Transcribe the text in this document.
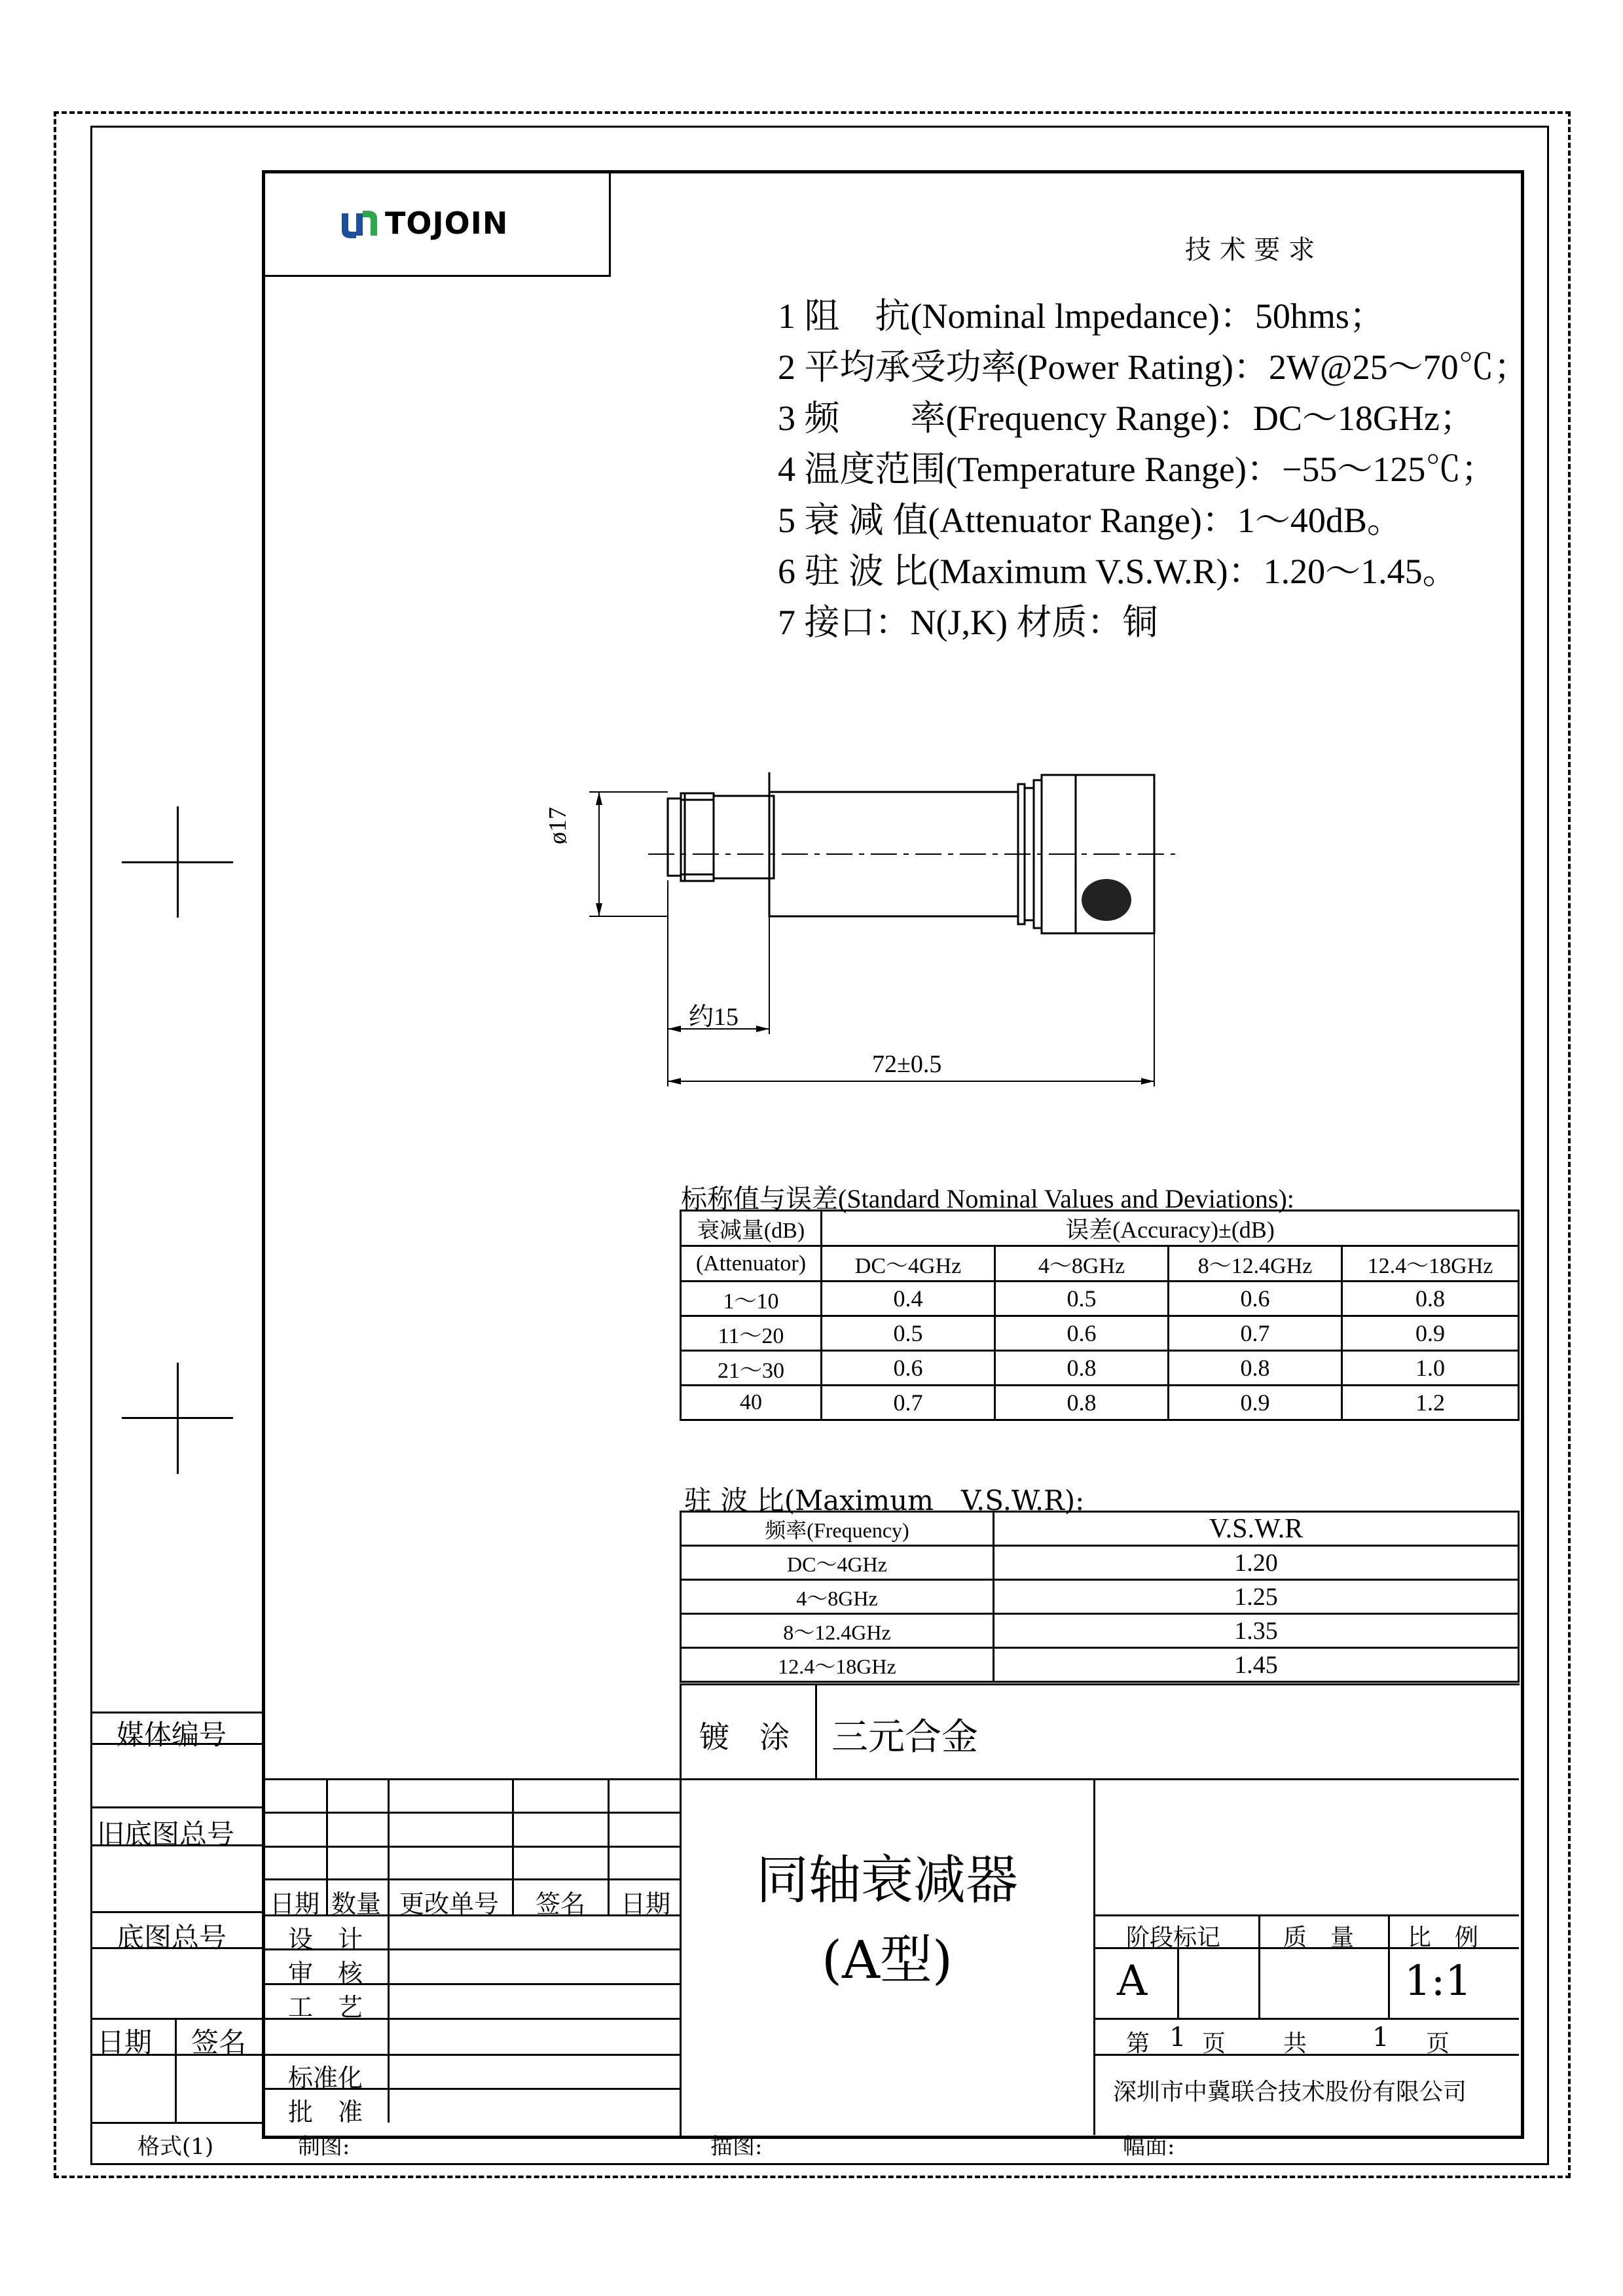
TOJOIN
技 术 要 求
1 阻　抗(Nominal lmpedance)：50hms；
2 平均承受功率(Power Rating)：2W@25～70℃；
3 频　　率(Frequency Range)：DC～18GHz；
4 温度范围(Temperature Range)：−55～125℃；
5 衰 减 值(Attenuator Range)：1～40dB。
6 驻 波 比(Maximum V.S.W.R)：1.20～1.45。
7 接口：N(J,K) 材质：铜
ø17
约15
72±0.5
标称值与误差(Standard Nominal Values and Deviations):
衰减量(dB)	误差(Accuracy)±(dB)			
(Attenuator)	DC～4GHz	4～8GHz	8～12.4GHz	12.4～18GHz
1～10	0.4	0.5	0.6	0.8
11～20	0.5	0.6	0.7	0.9
21～30	0.6	0.8	0.8	1.0
40	0.7	0.8	0.9	1.2
驻 波 比(Maximum　V.S.W.R):
频率(Frequency)	V.S.W.R
DC～4GHz	1.20
4～8GHz	1.25
8～12.4GHz	1.35
12.4～18GHz	1.45
镀　涂 三元合金
媒体编号
旧底图总号
底图总号
日期 签名
日期 数量 更改单号 签名 日期
设　计
审　核
工　艺
标准化
批　准
同轴衰减器
(A型)	阶段标记	质　量 比　例
A	1:1
第 1 页 共 1 页
深圳市中冀联合技术股份有限公司
格式(1)	制图:	描图:	幅面:
